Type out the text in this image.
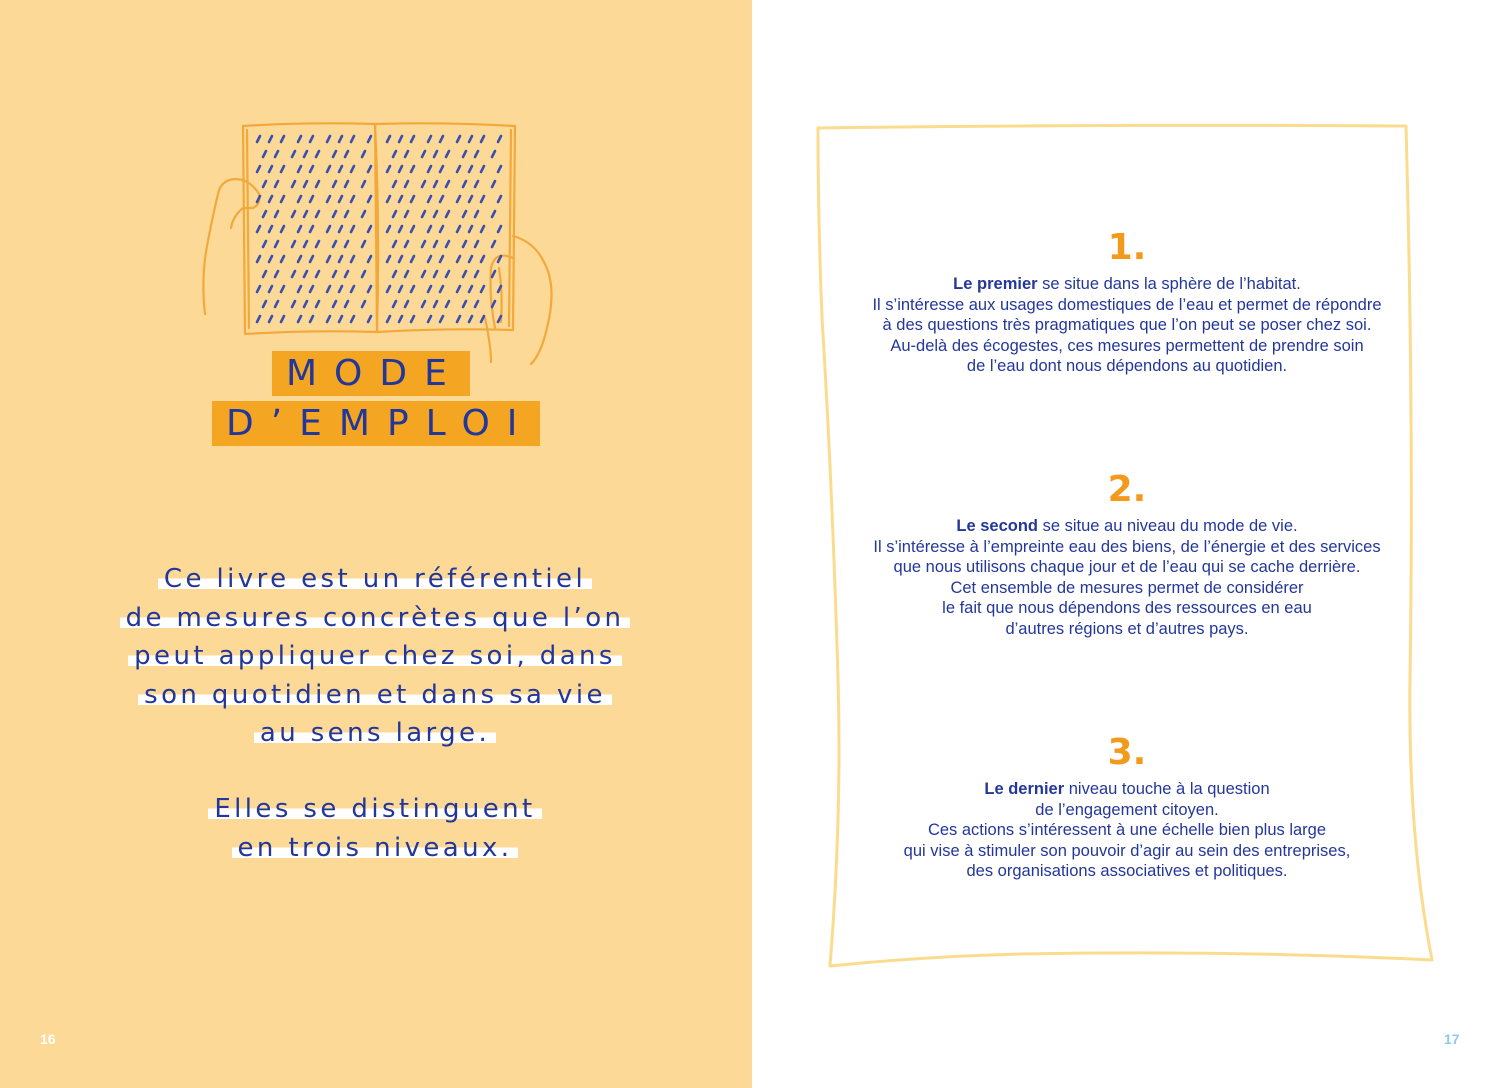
MODE
D’EMPLOI
Ce livre est un référentiel
de mesures concrètes que l’on
peut appliquer chez soi, dans
son quotidien et dans sa vie
au sens large.
Elles se distinguent
en trois niveaux.
16	17
1.
Le premier se situe dans la sphère de l’habitat.
Il s’intéresse aux usages domestiques de l’eau et permet de répondre
à des questions très pragmatiques que l’on peut se poser chez soi.
Au-delà des écogestes, ces mesures permettent de prendre soin
de l’eau dont nous dépendons au quotidien.
2.
Le second se situe au niveau du mode de vie.
Il s’intéresse à l’empreinte eau des biens, de l’énergie et des services
que nous utilisons chaque jour et de l’eau qui se cache derrière.
Cet ensemble de mesures permet de considérer
le fait que nous dépendons des ressources en eau
d’autres régions et d’autres pays.
3.
Le dernier niveau touche à la question
de l’engagement citoyen.
Ces actions s’intéressent à une échelle bien plus large
qui vise à stimuler son pouvoir d’agir au sein des entreprises,
des organisations associatives et politiques.
